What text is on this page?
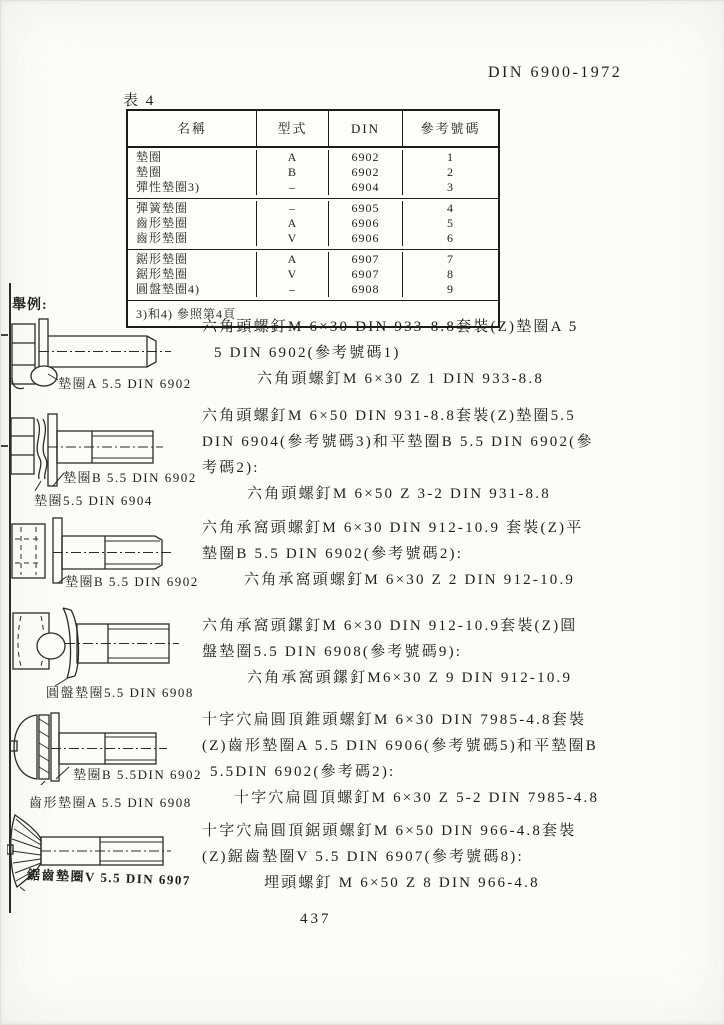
DIN 6900-1972
表 4
名稱	型式	DIN	參考號碼
墊圈	A	6902	1
墊圈	B	6902	2
彈性墊圈3)	–	6904	3
彈簧墊圈	–	6905	4
齒形墊圈	A	6906	5
齒形墊圈	V	6906	6
鋸形墊圈	A	6907	7
鋸形墊圈	V	6907	8
圓盤墊圈4)	–	6908	9
3)和4) 參照第4頁
舉例:
墊圈A 5.5 DIN 6902
墊圈B 5.5 DIN 6902
墊圈5.5 DIN 6904
墊圈B 5.5 DIN 6902
圓盤墊圈5.5 DIN 6908
墊圈B 5.5DIN 6902
齒形墊圈A 5.5 DIN 6908
鋸齒墊圈V 5.5 DIN 6907
六角頭螺釘M 6×30 DIN 933-8.8套裝(Z)墊圈A 5
5 DIN 6902(參考號碼1)
六角頭螺釘M 6×30 Z 1 DIN 933-8.8
六角頭螺釘M 6×50 DIN 931-8.8套裝(Z)墊圈5.5
DIN 6904(參考號碼3)和平墊圈B 5.5 DIN 6902(參
考碼2):
六角頭螺釘M 6×50 Z 3-2 DIN 931-8.8
六角承窩頭螺釘M 6×30 DIN 912-10.9 套裝(Z)平
墊圈B 5.5 DIN 6902(參考號碼2):
六角承窩頭螺釘M 6×30 Z 2 DIN 912-10.9
六角承窩頭鏍釘M 6×30 DIN 912-10.9套裝(Z)圓
盤墊圈5.5 DIN 6908(參考號碼9):
六角承窩頭鏍釘M6×30 Z 9 DIN 912-10.9
十字穴扁圓頂錐頭螺釘M 6×30 DIN 7985-4.8套裝
(Z)齒形墊圈A 5.5 DIN 6906(參考號碼5)和平墊圈B
5.5DIN 6902(參考碼2):
十字穴扁圓頂螺釘M 6×30 Z 5-2 DIN 7985-4.8
十字穴扁圓頂鋸頭螺釘M 6×50 DIN 966-4.8套裝
(Z)鋸齒墊圈V 5.5 DIN 6907(參考號碼8):
埋頭螺釘 M 6×50 Z 8 DIN 966-4.8
437
